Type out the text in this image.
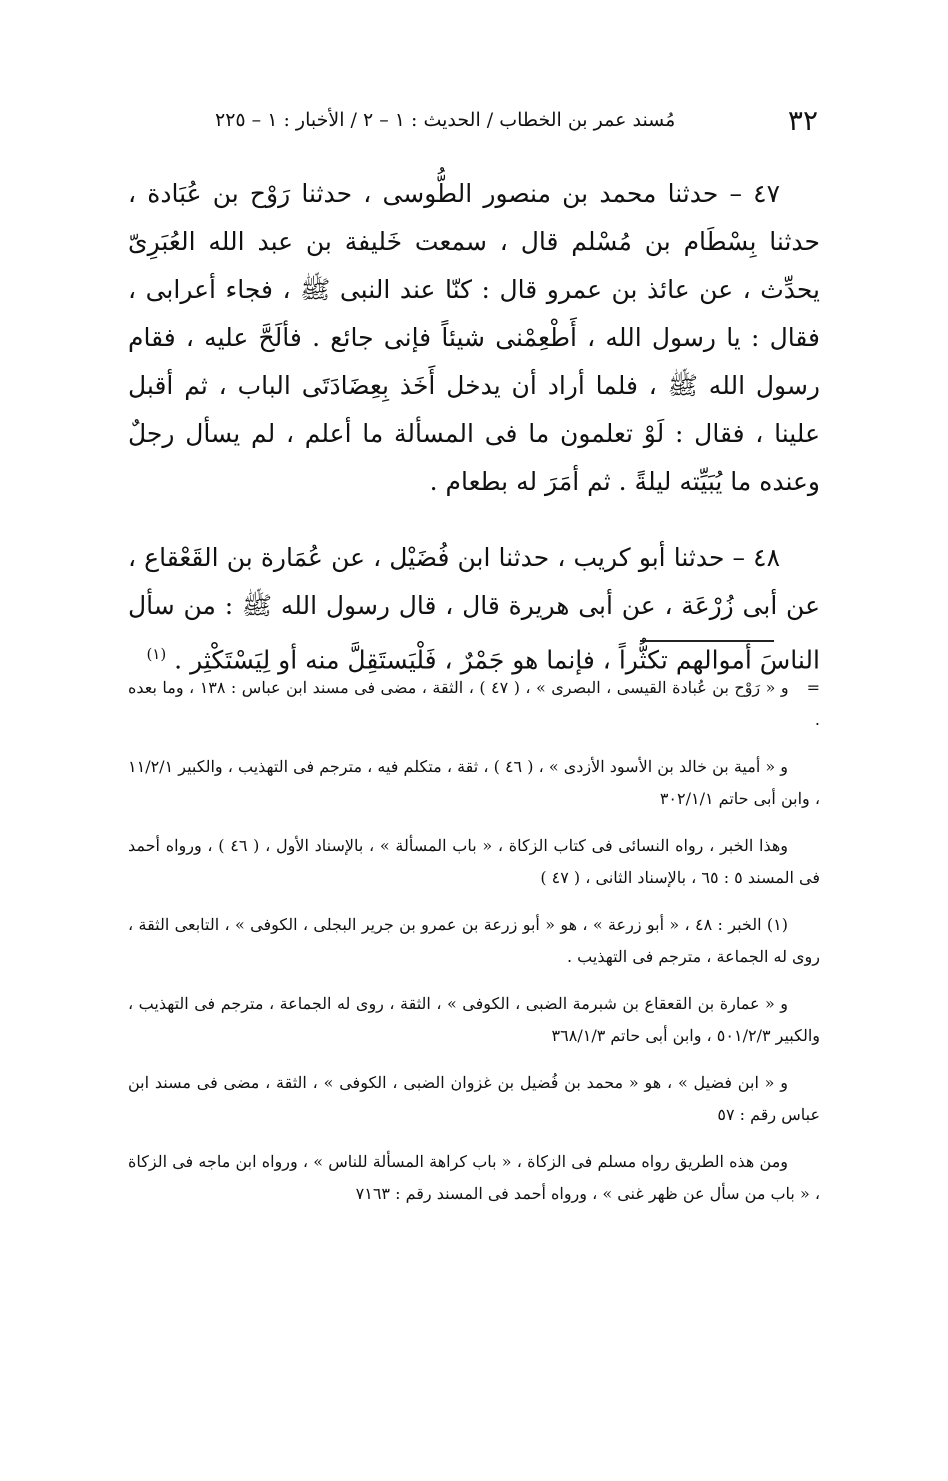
٣٢
مُسند عمر بن الخطاب / الحديث : ١ – ٢ / الأخبار : ١ – ٢٢٥

٤٧ – حدثنا محمد بن منصور الطُّوسى ، حدثنا رَوْح بن عُبَادة ، حدثنا بِسْطَام بن مُسْلم قال ، سمعت خَليفة بن عبد الله العُبَرِىّ يحدِّث ، عن عائذ بن عمرو قال : كنّا عند النبى ﷺ ، فجاء أعرابى ، فقال : يا رسول الله ، أَطْعِمْنى شيئاً فإنى جائع . فألَحَّ عليه ، فقام رسول الله ﷺ ، فلما أراد أن يدخل أَخَذ بِعِضَادَتَى الباب ، ثم أقبل علينا ، فقال : لَوْ تعلمون ما فى المسألة ما أعلم ، لم يسأل رجلٌ وعنده ما يُبَيِّته ليلةً . ثم أمَرَ له بطعام .

٤٨ – حدثنا أبو كريب ، حدثنا ابن فُضَيْل ، عن عُمَارة بن القَعْقاع ، عن أبى زُرْعَة ، عن أبى هريرة قال ، قال رسول الله ﷺ : من سأل الناسَ أموالهم تكثُّراً ، فإنما هو جَمْرٌ ، فَلْيَستَقِلَّ منه أو لِيَسْتَكْثِر . $^{(١)}$

=و « رَوْح بن عُبادة القيسى ، البصرى » ، ( ٤٧ ) ، الثقة ، مضى فى مسند ابن عباس : ١٣٨ ، وما بعده .

و « أمية بن خالد بن الأسود الأزدى » ، ( ٤٦ ) ، ثقة ، متكلم فيه ، مترجم فى التهذيب ، والكبير ١١/٢/١ ، وابن أبى حاتم ٣٠٢/١/١

وهذا الخبر ، رواه النسائى فى كتاب الزكاة ، « باب المسألة » ، بالإسناد الأول ، ( ٤٦ ) ، ورواه أحمد فى المسند ٥ : ٦٥ ، بالإسناد الثانى ، ( ٤٧ )

(١) الخبر : ٤٨ ، « أبو زرعة » ، هو « أبو زرعة بن عمرو بن جرير البجلى ، الكوفى » ، التابعى الثقة ، روى له الجماعة ، مترجم فى التهذيب .

و « عمارة بن القعقاع بن شبرمة الضبى ، الكوفى » ، الثقة ، روى له الجماعة ، مترجم فى التهذيب ، والكبير ٥٠١/٢/٣ ، وابن أبى حاتم ٣٦٨/١/٣

و « ابن فضيل » ، هو « محمد بن فُضيل بن غزوان الضبى ، الكوفى » ، الثقة ، مضى فى مسند ابن عباس رقم : ٥٧

ومن هذه الطريق رواه مسلم فى الزكاة ، « باب كراهة المسألة للناس » ، ورواه ابن ماجه فى الزكاة ، « باب من سأل عن ظهر غنى » ، ورواه أحمد فى المسند رقم : ٧١٦٣
